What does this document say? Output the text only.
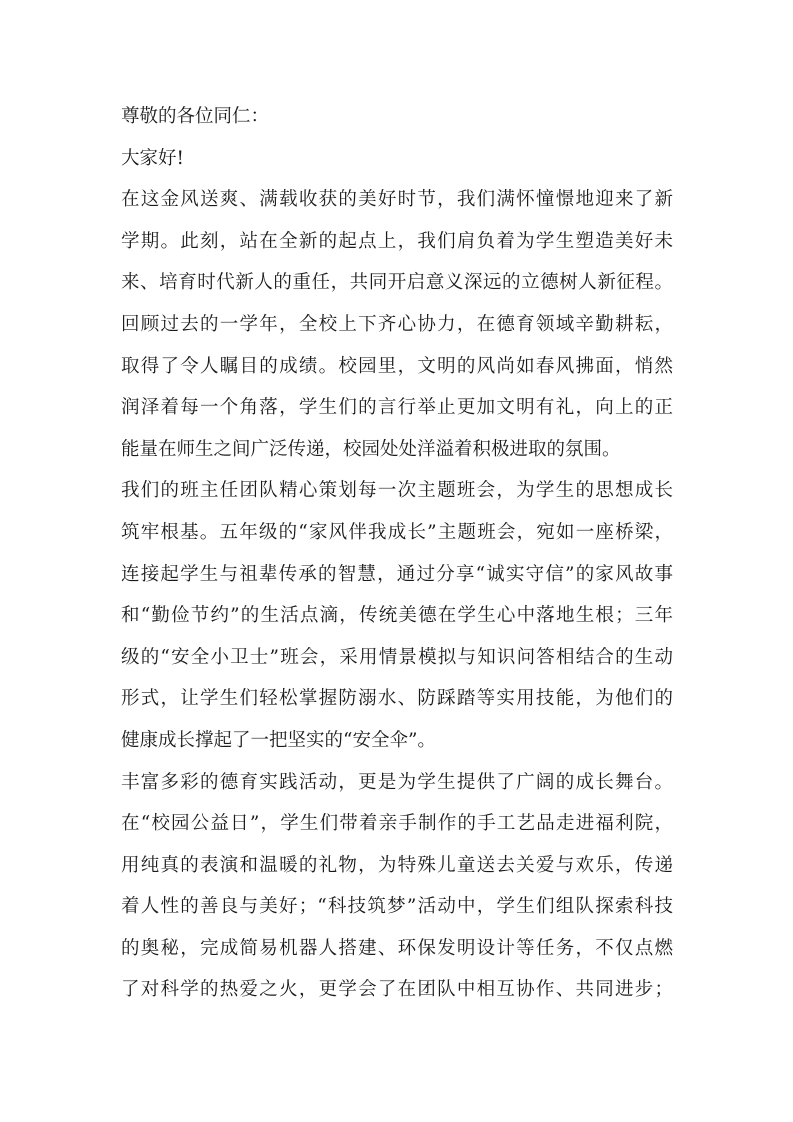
尊敬的各位同仁：
大家好!
在这金风送爽、满载收获的美好时节，我们满怀憧憬地迎来了新
学期。此刻，站在全新的起点上，我们肩负着为学生塑造美好未
来、培育时代新人的重任，共同开启意义深远的立德树人新征程。
回顾过去的一学年，全校上下齐心协力，在德育领域辛勤耕耘，
取得了令人瞩目的成绩。校园里，文明的风尚如春风拂面，悄然
润泽着每一个角落，学生们的言行举止更加文明有礼，向上的正
能量在师生之间广泛传递，校园处处洋溢着积极进取的氛围。
我们的班主任团队精心策划每一次主题班会，为学生的思想成长
筑牢根基。五年级的“家风伴我成长”主题班会，宛如一座桥梁，
连接起学生与祖辈传承的智慧，通过分享“诚实守信”的家风故事
和“勤俭节约”的生活点滴，传统美德在学生心中落地生根；三年
级的“安全小卫士”班会，采用情景模拟与知识问答相结合的生动
形式，让学生们轻松掌握防溺水、防踩踏等实用技能，为他们的
健康成长撑起了一把坚实的“安全伞”。
丰富多彩的德育实践活动，更是为学生提供了广阔的成长舞台。
在“校园公益日”，学生们带着亲手制作的手工艺品走进福利院，
用纯真的表演和温暖的礼物，为特殊儿童送去关爱与欢乐，传递
着人性的善良与美好；“科技筑梦”活动中，学生们组队探索科技
的奥秘，完成简易机器人搭建、环保发明设计等任务，不仅点燃
了对科学的热爱之火，更学会了在团队中相互协作、共同进步；
